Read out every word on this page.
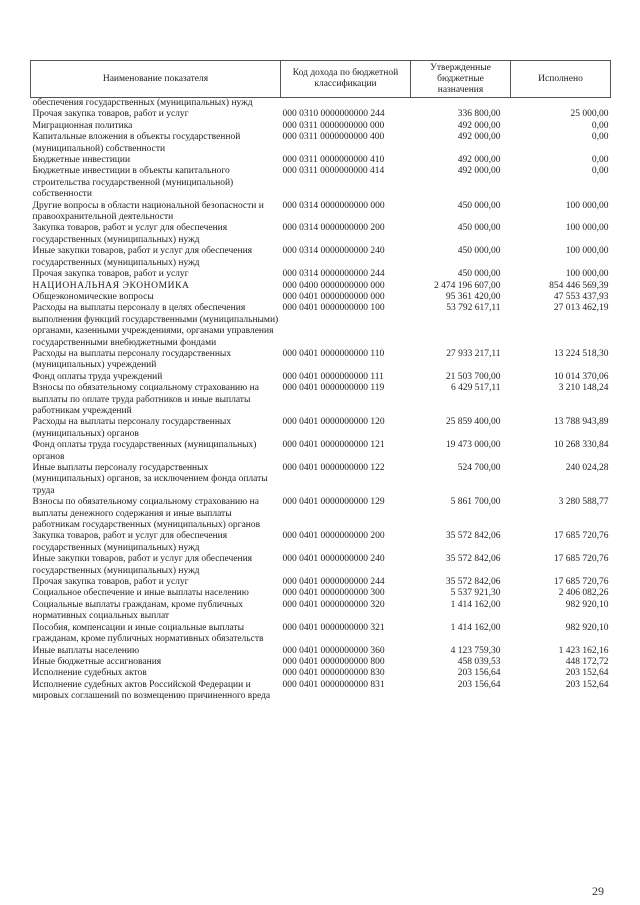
Наименование показателя	Код дохода по бюджетной классификации	Утвержденные бюджетные назначения	Исполнено
обеспечения государственных (муниципальных) нужд			
Прочая закупка товаров, работ и услуг	000 0310 0000000000 244	336 800,00	25 000,00
Миграционная политика	000 0311 0000000000 000	492 000,00	0,00
Капитальные вложения в объекты государственной (муниципальной) собственности	000 0311 0000000000 400	492 000,00	0,00
Бюджетные инвестиции	000 0311 0000000000 410	492 000,00	0,00
Бюджетные инвестиции в объекты капитального строительства государственной (муниципальной) собственности	000 0311 0000000000 414	492 000,00	0,00
Другие вопросы в области национальной безопасности и правоохранительной деятельности	000 0314 0000000000 000	450 000,00	100 000,00
Закупка товаров, работ и услуг для обеспечения государственных (муниципальных) нужд	000 0314 0000000000 200	450 000,00	100 000,00
Иные закупки товаров, работ и услуг для обеспечения государственных (муниципальных) нужд	000 0314 0000000000 240	450 000,00	100 000,00
Прочая закупка товаров, работ и услуг	000 0314 0000000000 244	450 000,00	100 000,00
НАЦИОНАЛЬНАЯ ЭКОНОМИКА	000 0400 0000000000 000	2 474 196 607,00	854 446 569,39
Общеэкономические вопросы	000 0401 0000000000 000	95 361 420,00	47 553 437,93
Расходы на выплаты персоналу в целях обеспечения выполнения функций государственными (муниципальными) органами, казенными учреждениями, органами управления государственными внебюджетными фондами	000 0401 0000000000 100	53 792 617,11	27 013 462,19
Расходы на выплаты персоналу государственных (муниципальных) учреждений	000 0401 0000000000 110	27 933 217,11	13 224 518,30
Фонд оплаты труда учреждений	000 0401 0000000000 111	21 503 700,00	10 014 370,06
Взносы по обязательному социальному страхованию на выплаты по оплате труда работников и иные выплаты работникам учреждений	000 0401 0000000000 119	6 429 517,11	3 210 148,24
Расходы на выплаты персоналу государственных (муниципальных) органов	000 0401 0000000000 120	25 859 400,00	13 788 943,89
Фонд оплаты труда государственных (муниципальных) органов	000 0401 0000000000 121	19 473 000,00	10 268 330,84
Иные выплаты персоналу государственных (муниципальных) органов, за исключением фонда оплаты труда	000 0401 0000000000 122	524 700,00	240 024,28
Взносы по обязательному социальному страхованию на выплаты денежного содержания и иные выплаты работникам государственных (муниципальных) органов	000 0401 0000000000 129	5 861 700,00	3 280 588,77
Закупка товаров, работ и услуг для обеспечения государственных (муниципальных) нужд	000 0401 0000000000 200	35 572 842,06	17 685 720,76
Иные закупки товаров, работ и услуг для обеспечения государственных (муниципальных) нужд	000 0401 0000000000 240	35 572 842,06	17 685 720,76
Прочая закупка товаров, работ и услуг	000 0401 0000000000 244	35 572 842,06	17 685 720,76
Социальное обеспечение и иные выплаты населению	000 0401 0000000000 300	5 537 921,30	2 406 082,26
Социальные выплаты гражданам, кроме публичных нормативных социальных выплат	000 0401 0000000000 320	1 414 162,00	982 920,10
Пособия, компенсации и иные социальные выплаты гражданам, кроме публичных нормативных обязательств	000 0401 0000000000 321	1 414 162,00	982 920,10
Иные выплаты населению	000 0401 0000000000 360	4 123 759,30	1 423 162,16
Иные бюджетные ассигнования	000 0401 0000000000 800	458 039,53	448 172,72
Исполнение судебных актов	000 0401 0000000000 830	203 156,64	203 152,64
Исполнение судебных актов Российской Федерации и мировых соглашений по возмещению причиненного вреда	000 0401 0000000000 831	203 156,64	203 152,64
29
